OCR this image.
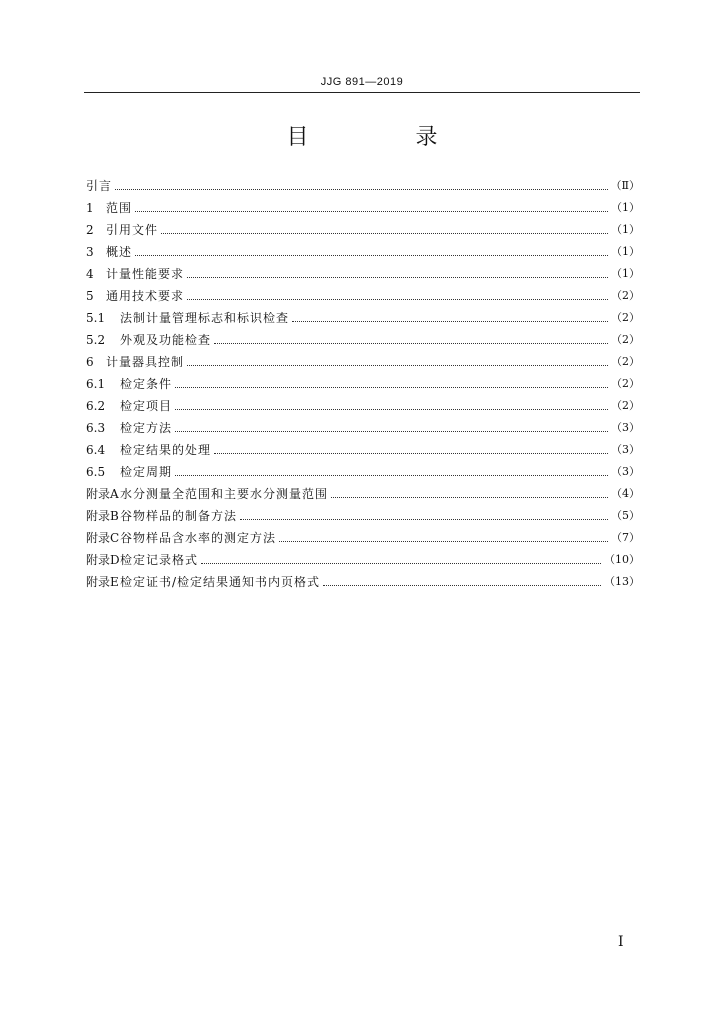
JJG 891—2019
目 录
引言	（Ⅱ）
1	范围	（1）
2	引用文件	（1）
3	概述	（1）
4	计量性能要求	（1）
5	通用技术要求	（2）
5.1	法制计量管理标志和标识检查	（2）
5.2	外观及功能检查	（2）
6	计量器具控制	（2）
6.1	检定条件	（2）
6.2	检定项目	（2）
6.3	检定方法	（3）
6.4	检定结果的处理	（3）
6.5	检定周期	（3）
附录A 水分测量全范围和主要水分测量范围	（4）
附录B 谷物样品的制备方法	（5）
附录C 谷物样品含水率的测定方法	（7）
附录D 检定记录格式	（10）
附录E 检定证书/检定结果通知书内页格式	（13）
I
